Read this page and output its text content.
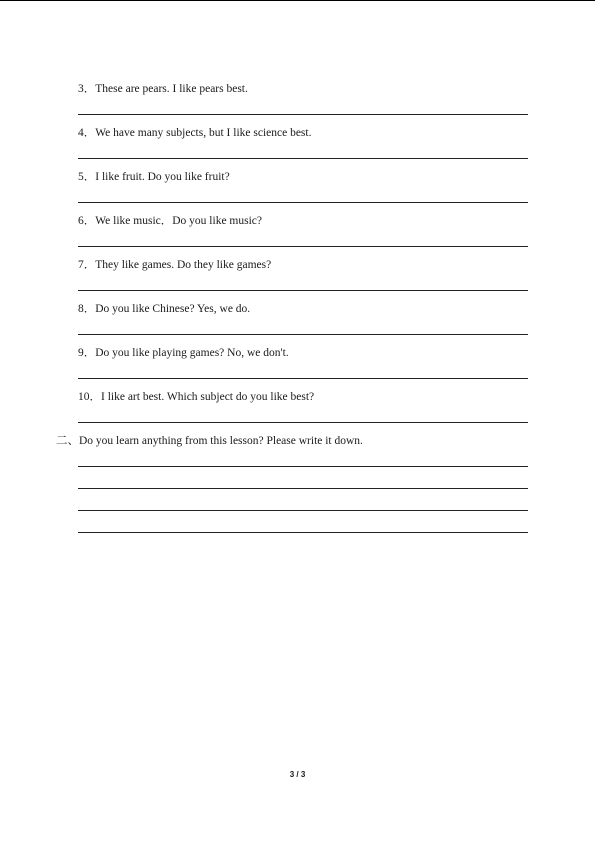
3．These are pears. I like pears best.
4．We have many subjects, but I like science best.
5．I like fruit. Do you like fruit?
6．We like music．Do you like music?
7．They like games. Do they like games?
8．Do you like Chinese? Yes, we do.
9．Do you like playing games? No, we don't.
10．I like art best. Which subject do you like best?
二、Do you learn anything from this lesson? Please write it down.
3 / 3
